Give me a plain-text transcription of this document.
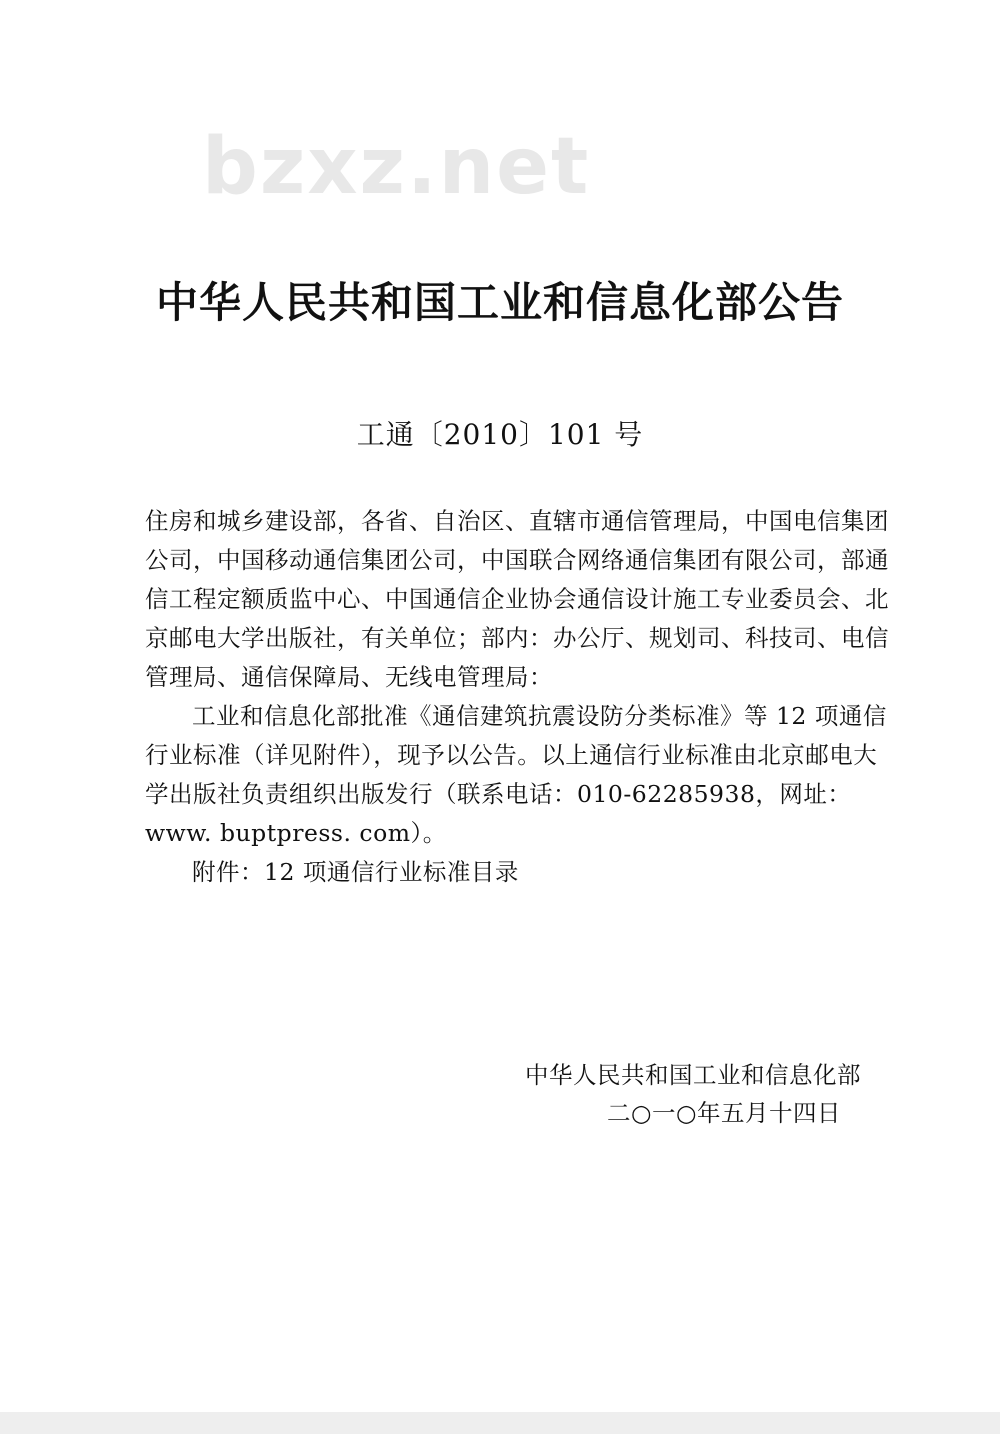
bzxz.net
中华人民共和国工业和信息化部公告
工通〔2010〕101 号

住房和城乡建设部，各省、自治区、直辖市通信管理局，中国电信集团公司，中国移动通信集团公司，中国联合网络通信集团有限公司，部通信工程定额质监中心、中国通信企业协会通信设计施工专业委员会、北京邮电大学出版社，有关单位；部内：办公厅、规划司、科技司、电信管理局、通信保障局、无线电管理局：

工业和信息化部批准《通信建筑抗震设防分类标准》等 12 项通信行业标准（详见附件），现予以公告。以上通信行业标准由北京邮电大学出版社负责组织出版发行（联系电话：010-62285938，网址：www. buptpress. com）。

附件：12 项通信行业标准目录

中华人民共和国工业和信息化部
二○一○年五月十四日
